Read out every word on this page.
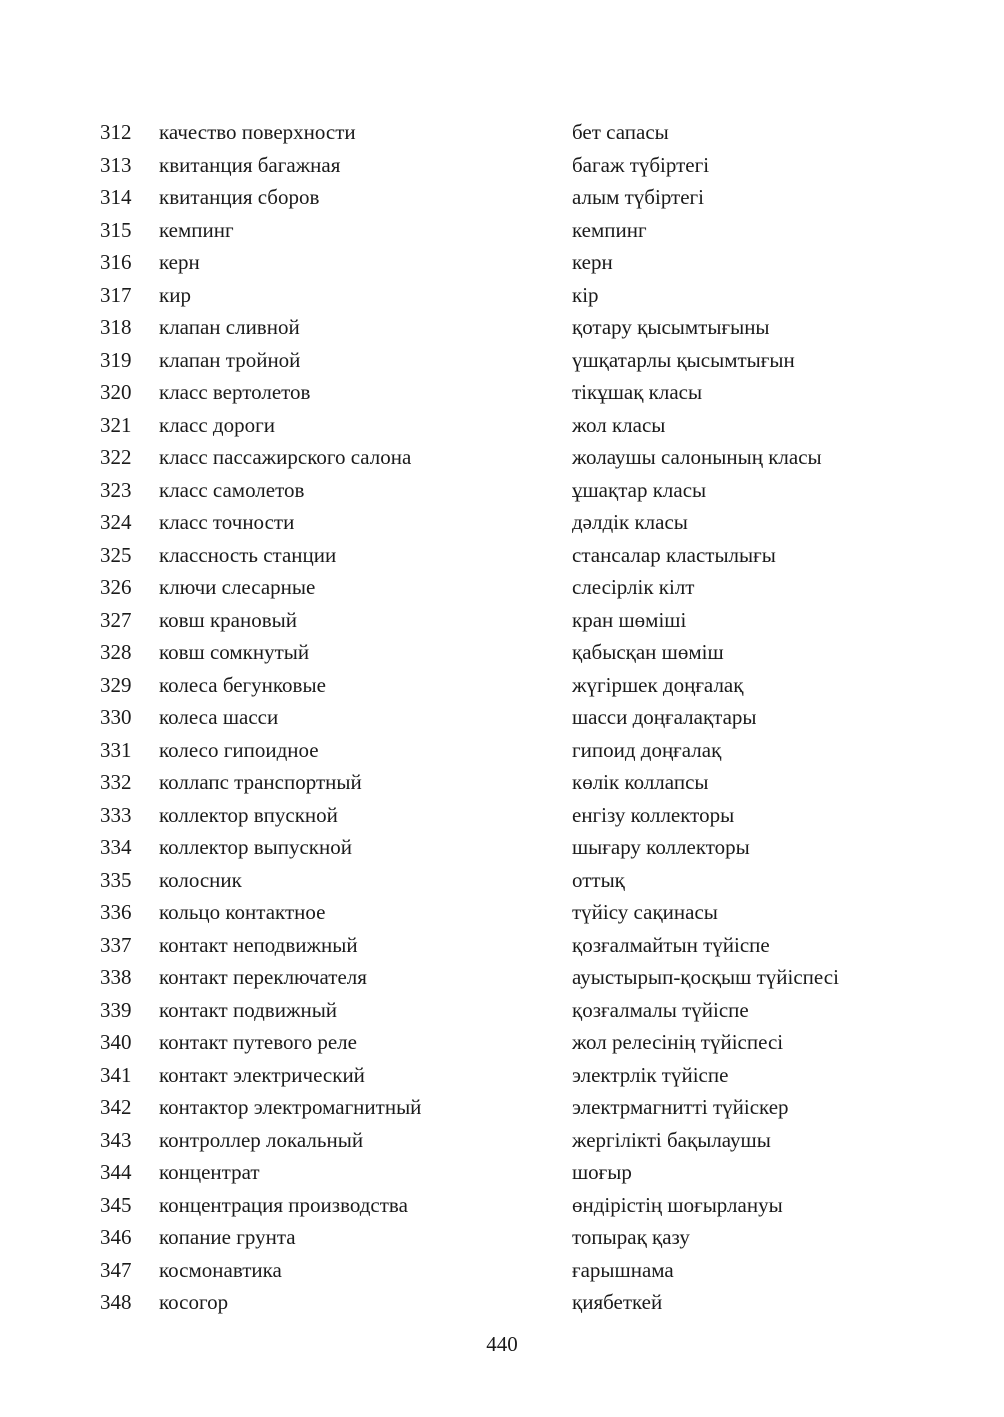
312	качество поверхности	бет сапасы
313	квитанция багажная	багаж түбіртегі
314	квитанция сборов	алым түбіртегі
315	кемпинг	кемпинг
316	керн	керн
317	кир	кір
318	клапан сливной	қотару қысымтығыны
319	клапан тройной	үшқатарлы қысымтығын
320	класс вертолетов	тікұшақ класы
321	класс дороги	жол класы
322	класс пассажирского салона	жолаушы салонының класы
323	класс самолетов	ұшақтар класы
324	класс точности	дәлдік класы
325	классность станции	стансалар кластылығы
326	ключи слесарные	слесірлік кілт
327	ковш крановый	кран шөміші
328	ковш сомкнутый	қабысқан шөміш
329	колеса бегунковые	жүгіршек доңғалақ
330	колеса шасси	шасси доңғалақтары
331	колесо гипоидное	гипоид доңғалақ
332	коллапс транспортный	көлік коллапсы
333	коллектор впускной	енгізу коллекторы
334	коллектор выпускной	шығару коллекторы
335	колосник	оттық
336	кольцо контактное	түйісу сақинасы
337	контакт неподвижный	қозғалмайтын түйіспе
338	контакт переключателя	ауыстырып-қосқыш түйіспесі
339	контакт подвижный	қозғалмалы түйіспе
340	контакт путевого реле	жол релесінің түйіспесі
341	контакт электрический	электрлік түйіспе
342	контактор электромагнитный	электрмагнитті түйіскер
343	контроллер локальный	жергілікті бақылаушы
344	концентрат	шоғыр
345	концентрация производства	өндірістің шоғырлануы
346	копание грунта	топырақ қазу
347	космонавтика	ғарышнама
348	косогор	қиябеткей
440
